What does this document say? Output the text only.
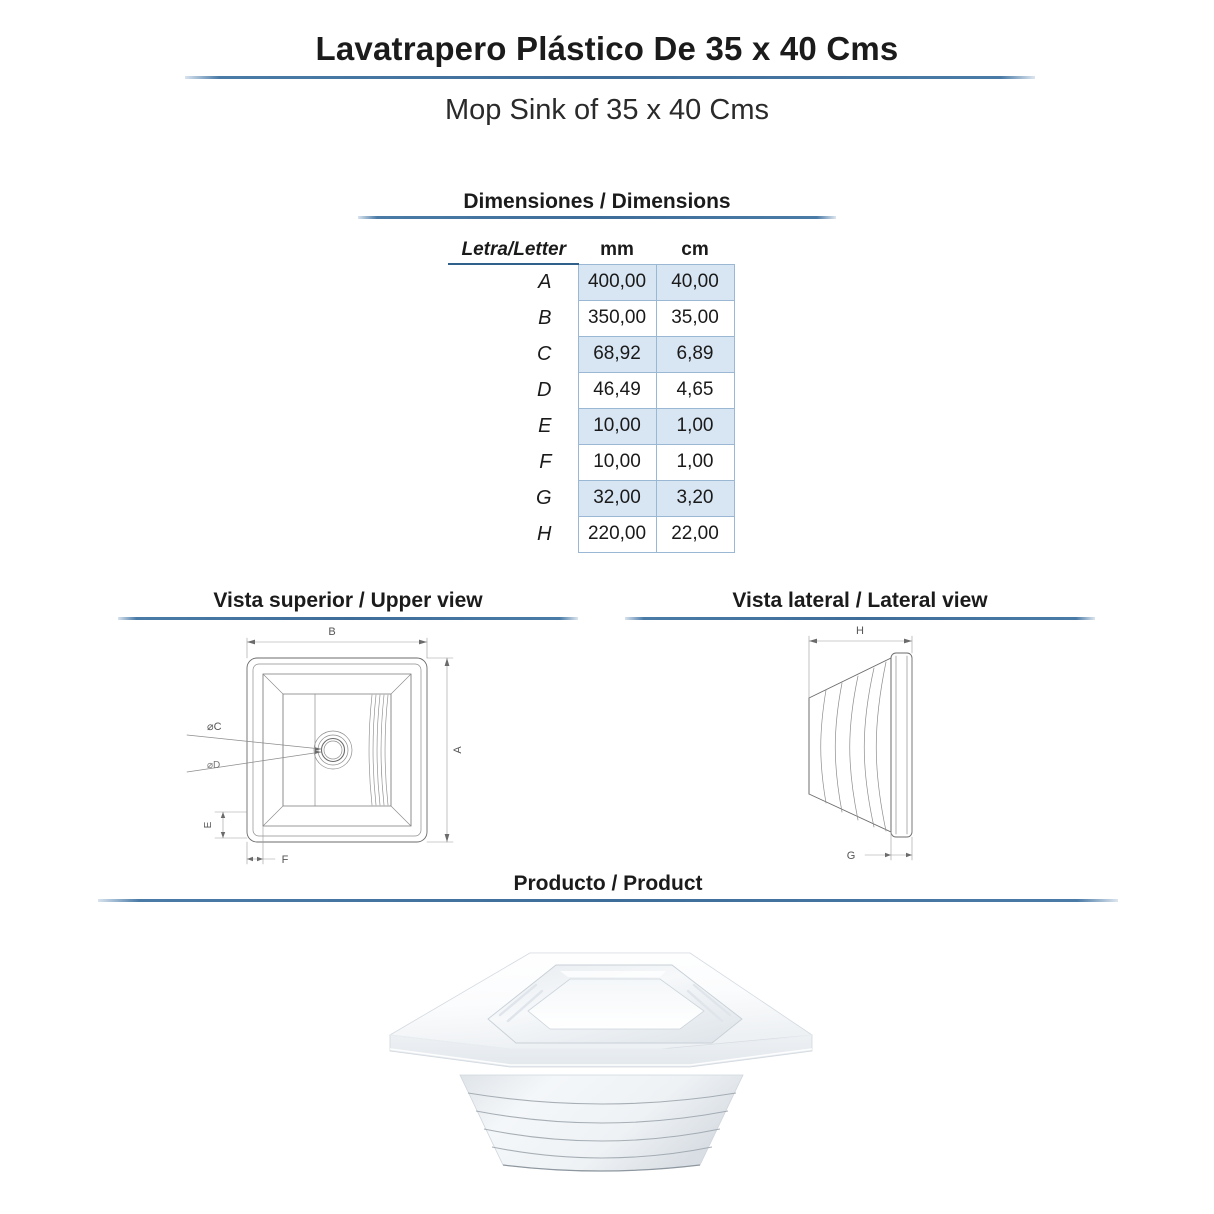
Lavatrapero Plástico De 35 x 40 Cms
Mop Sink of 35 x 40 Cms
Dimensiones / Dimensions
Letra/Letter	mm	cm
A	400,00	40,00
B	350,00	35,00
C	68,92	6,89
D	46,49	4,65
E	10,00	1,00
F	10,00	1,00
G	32,00	3,20
H	220,00	22,00
Vista superior / Upper view
⌀C
⌀D
B
A
E
F
Vista lateral / Lateral view
H
G
Producto / Product
